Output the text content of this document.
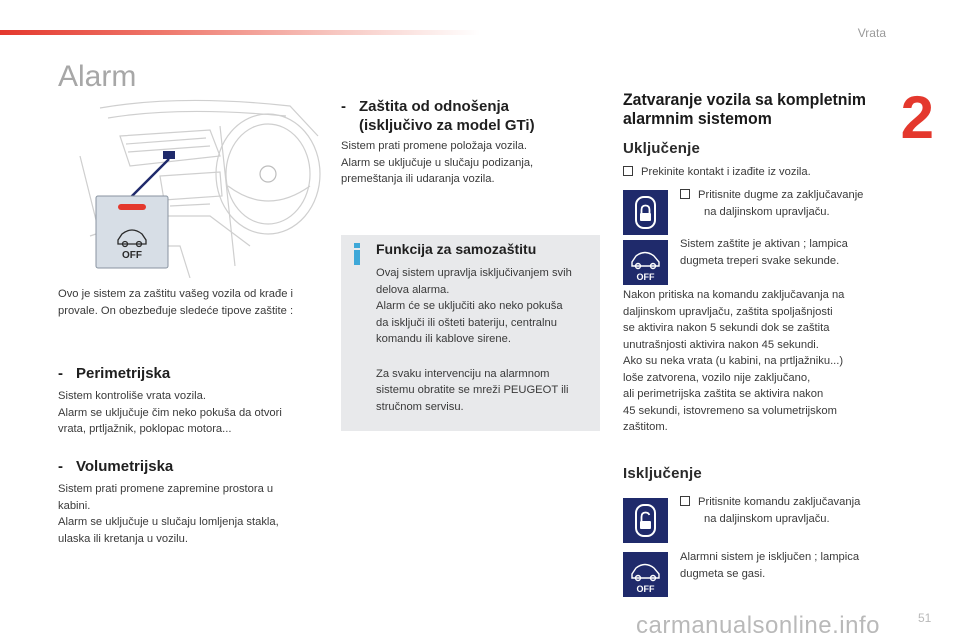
Vrata
2
Alarm
OFF
Ovo je sistem za zaštitu vašeg vozila od krađe i
provale. On obezbeđuje sledeće tipove zaštite :
- Perimetrijska
Sistem kontroliše vrata vozila.
Alarm se uključuje čim neko pokuša da otvori
vrata, prtljažnik, poklopac motora...
- Volumetrijska
Sistem prati promene zapremine prostora u
kabini.
Alarm se uključuje u slučaju lomljenja stakla,
ulaska ili kretanja u vozilu.
- Zaštita od odnošenja
(isključivo za model GTi)
Sistem prati promene položaja vozila.
Alarm se uključuje u slučaju podizanja,
premeštanja ili udaranja vozila.
Funkcija za samozaštitu
Ovaj sistem upravlja isključivanjem svih
delova alarma.
Alarm će se uključiti ako neko pokuša
da isključi ili ošteti bateriju, centralnu
komandu ili kablove sirene.
Za svaku intervenciju na alarmnom
sistemu obratite se mreži PEUGEOT ili
stručnom servisu.
Zatvaranje vozila sa kompletnim
alarmnim sistemom
Uključenje
Prekinite kontakt i izađite iz vozila.
Pritisnite dugme za zaključavanje
na daljinskom upravljaču.
OFF
Sistem zaštite je aktivan ; lampica
dugmeta treperi svake sekunde.
Nakon pritiska na komandu zaključavanja na
daljinskom upravljaču, zaštita spoljašnjosti
se aktivira nakon 5 sekundi dok se zaštita
unutrašnjosti aktivira nakon 45 sekundi.
Ako su neka vrata (u kabini, na prtljažniku...)
loše zatvorena, vozilo nije zaključano,
ali perimetrijska zaštita se aktivira nakon
45 sekundi, istovremeno sa volumetrijskom
zaštitom.
Isključenje
Pritisnite komandu zaključavanja
na daljinskom upravljaču.
OFF
Alarmni sistem je isključen ; lampica
dugmeta se gasi.
carmanualsonline.info	51
